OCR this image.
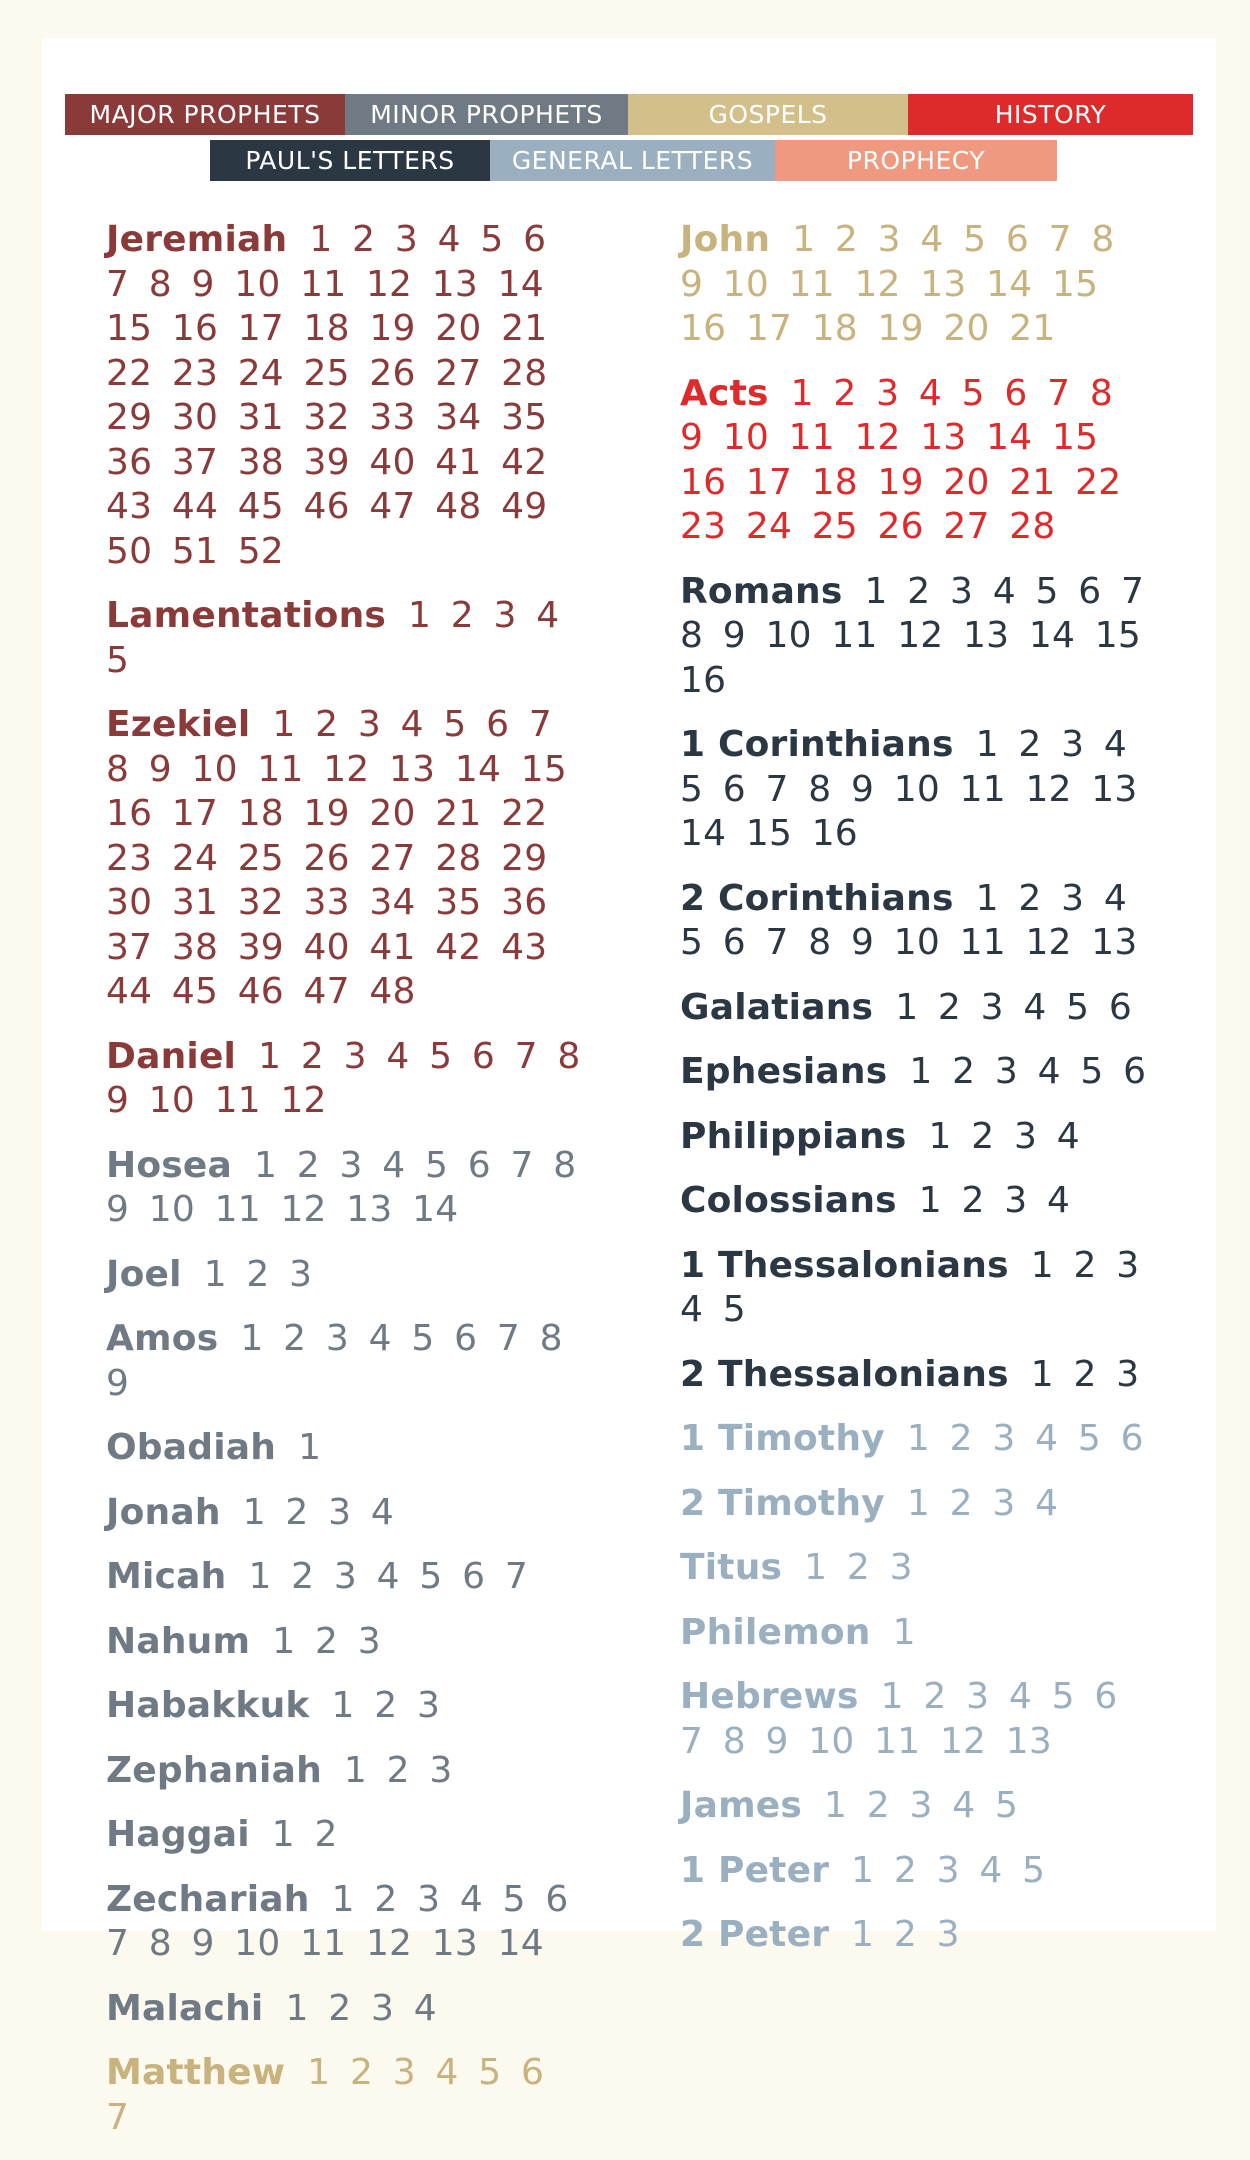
MAJOR PROPHETS	MINOR PROPHETS	GOSPELS	HISTORY
PAUL'S LETTERS	GENERAL LETTERS	PROPHECY
Jeremiah 1 2 3 4 5 6 7 8 9 10 11 12 13 14 15 16 17 18 19 20 21 22 23 24 25 26 27 28 29 30 31 32 33 34 35 36 37 38 39 40 41 42 43 44 45 46 47 48 49 50 51 52
Lamentations 1 2 3 4 5
Ezekiel 1 2 3 4 5 6 7 8 9 10 11 12 13 14 15 16 17 18 19 20 21 22 23 24 25 26 27 28 29 30 31 32 33 34 35 36 37 38 39 40 41 42 43 44 45 46 47 48
Daniel 1 2 3 4 5 6 7 8 9 10 11 12
Hosea 1 2 3 4 5 6 7 8 9 10 11 12 13 14
Joel 1 2 3
Amos 1 2 3 4 5 6 7 8 9
Obadiah 1
Jonah 1 2 3 4
Micah 1 2 3 4 5 6 7
Nahum 1 2 3
Habakkuk 1 2 3
Zephaniah 1 2 3
Haggai 1 2
Zechariah 1 2 3 4 5 6 7 8 9 10 11 12 13 14
Malachi 1 2 3 4
Matthew 1 2 3 4 5 6 7
John 1 2 3 4 5 6 7 8 9 10 11 12 13 14 15 16 17 18 19 20 21
Acts 1 2 3 4 5 6 7 8 9 10 11 12 13 14 15 16 17 18 19 20 21 22 23 24 25 26 27 28
Romans 1 2 3 4 5 6 7 8 9 10 11 12 13 14 15 16
1 Corinthians 1 2 3 4 5 6 7 8 9 10 11 12 13 14 15 16
2 Corinthians 1 2 3 4 5 6 7 8 9 10 11 12 13
Galatians 1 2 3 4 5 6
Ephesians 1 2 3 4 5 6
Philippians 1 2 3 4
Colossians 1 2 3 4
1 Thessalonians 1 2 3 4 5
2 Thessalonians 1 2 3
1 Timothy 1 2 3 4 5 6
2 Timothy 1 2 3 4
Titus 1 2 3
Philemon 1
Hebrews 1 2 3 4 5 6 7 8 9 10 11 12 13
James 1 2 3 4 5
1 Peter 1 2 3 4 5
2 Peter 1 2 3
